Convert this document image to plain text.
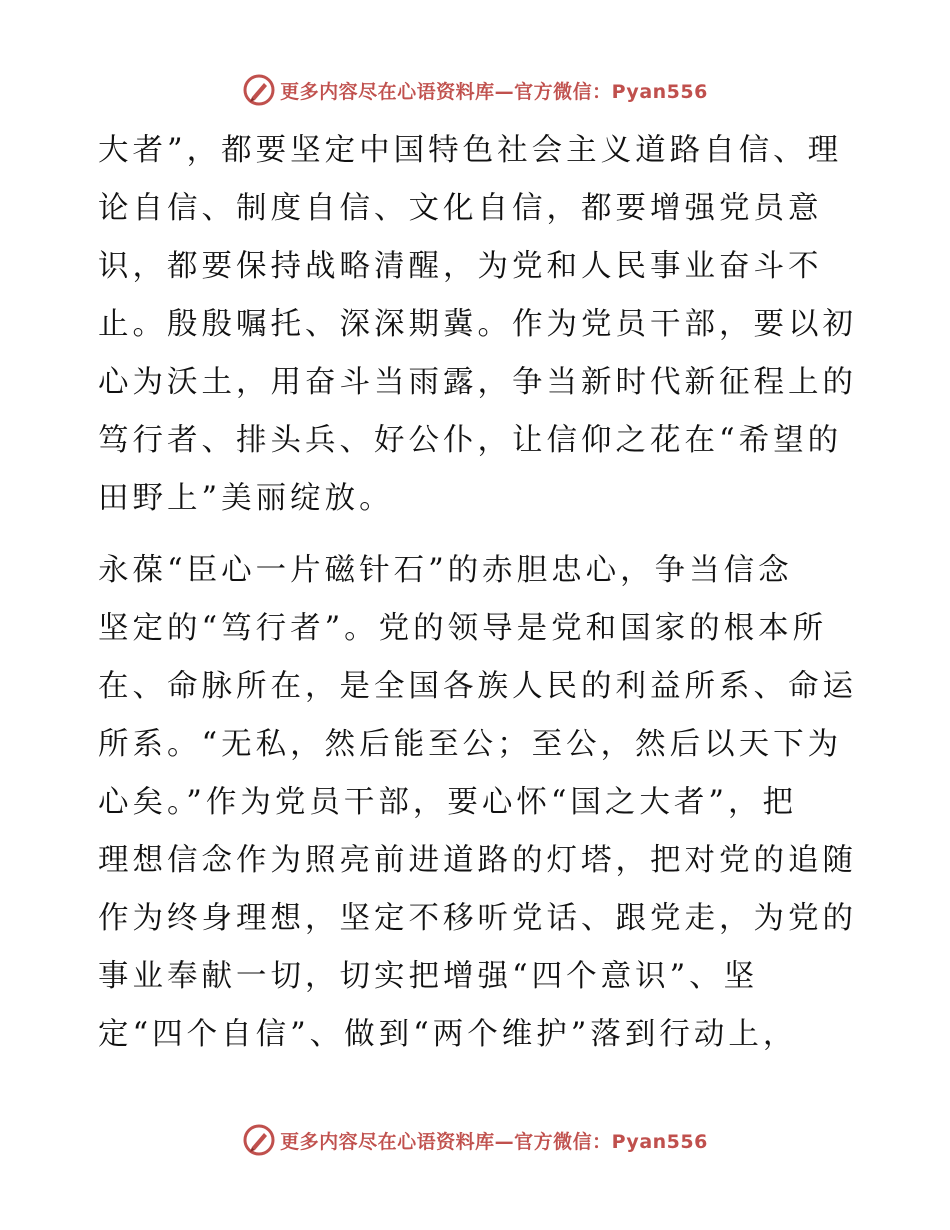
更多内容尽在心语资料库—官方微信：Pyan556
大者”，都要坚定中国特色社会主义道路自信、理
论自信、制度自信、文化自信，都要增强党员意
识，都要保持战略清醒，为党和人民事业奋斗不
止。殷殷嘱托、深深期冀。作为党员干部，要以初
心为沃土，用奋斗当雨露，争当新时代新征程上的
笃行者、排头兵、好公仆，让信仰之花在“希望的
田野上”美丽绽放。
永葆“臣心一片磁针石”的赤胆忠心，争当信念
坚定的“笃行者”。党的领导是党和国家的根本所
在、命脉所在，是全国各族人民的利益所系、命运
所系。“无私，然后能至公；至公，然后以天下为
心矣。”作为党员干部，要心怀“国之大者”，把
理想信念作为照亮前进道路的灯塔，把对党的追随
作为终身理想，坚定不移听党话、跟党走，为党的
事业奉献一切，切实把增强“四个意识”、坚
定“四个自信”、做到“两个维护”落到行动上，
更多内容尽在心语资料库—官方微信：Pyan556
